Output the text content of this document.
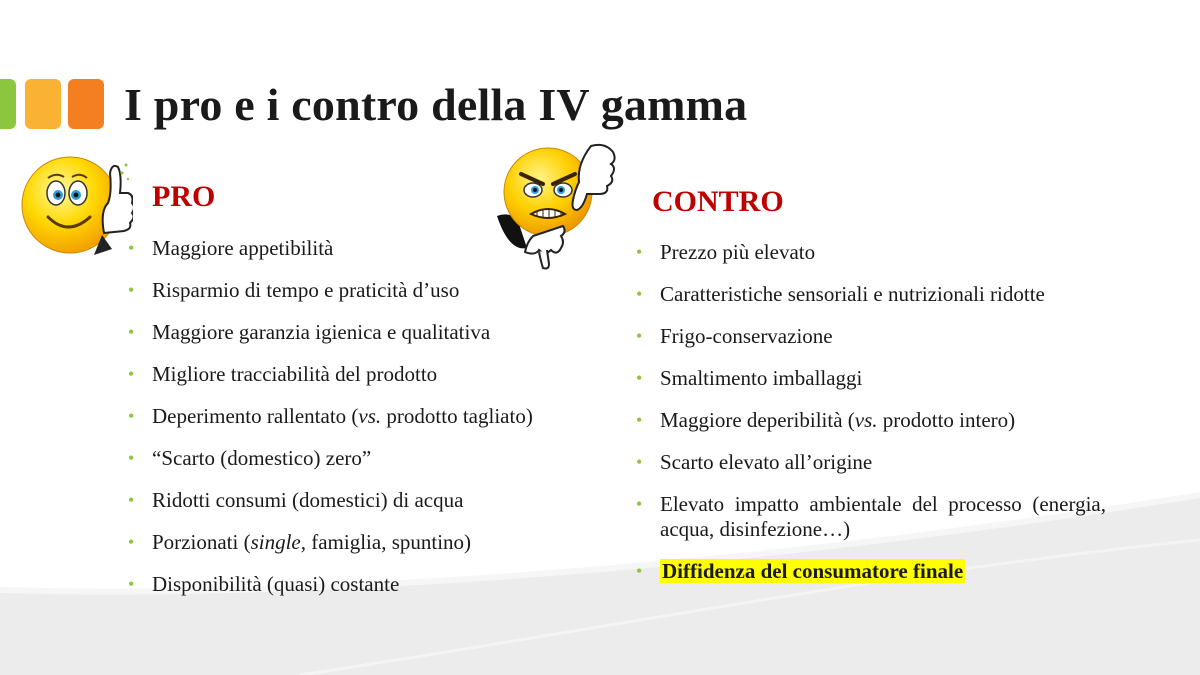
I pro e i contro della IV gamma
PRO
• Maggiore appetibilità
• Risparmio di tempo e praticità d’uso
• Maggiore garanzia igienica e qualitativa
• Migliore tracciabilità del prodotto
• Deperimento rallentato (vs. prodotto tagliato)
• “Scarto (domestico) zero”
• Ridotti consumi (domestici) di acqua
• Porzionati (single, famiglia, spuntino)
• Disponibilità (quasi) costante
CONTRO
• Prezzo più elevato
• Caratteristiche sensoriali e nutrizionali ridotte
• Frigo-conservazione
• Smaltimento imballaggi
• Maggiore deperibilità (vs. prodotto intero)
• Scarto elevato all’origine
• Elevato impatto ambientale del processo (energia, acqua, disinfezione…)
• Diffidenza del consumatore finale
